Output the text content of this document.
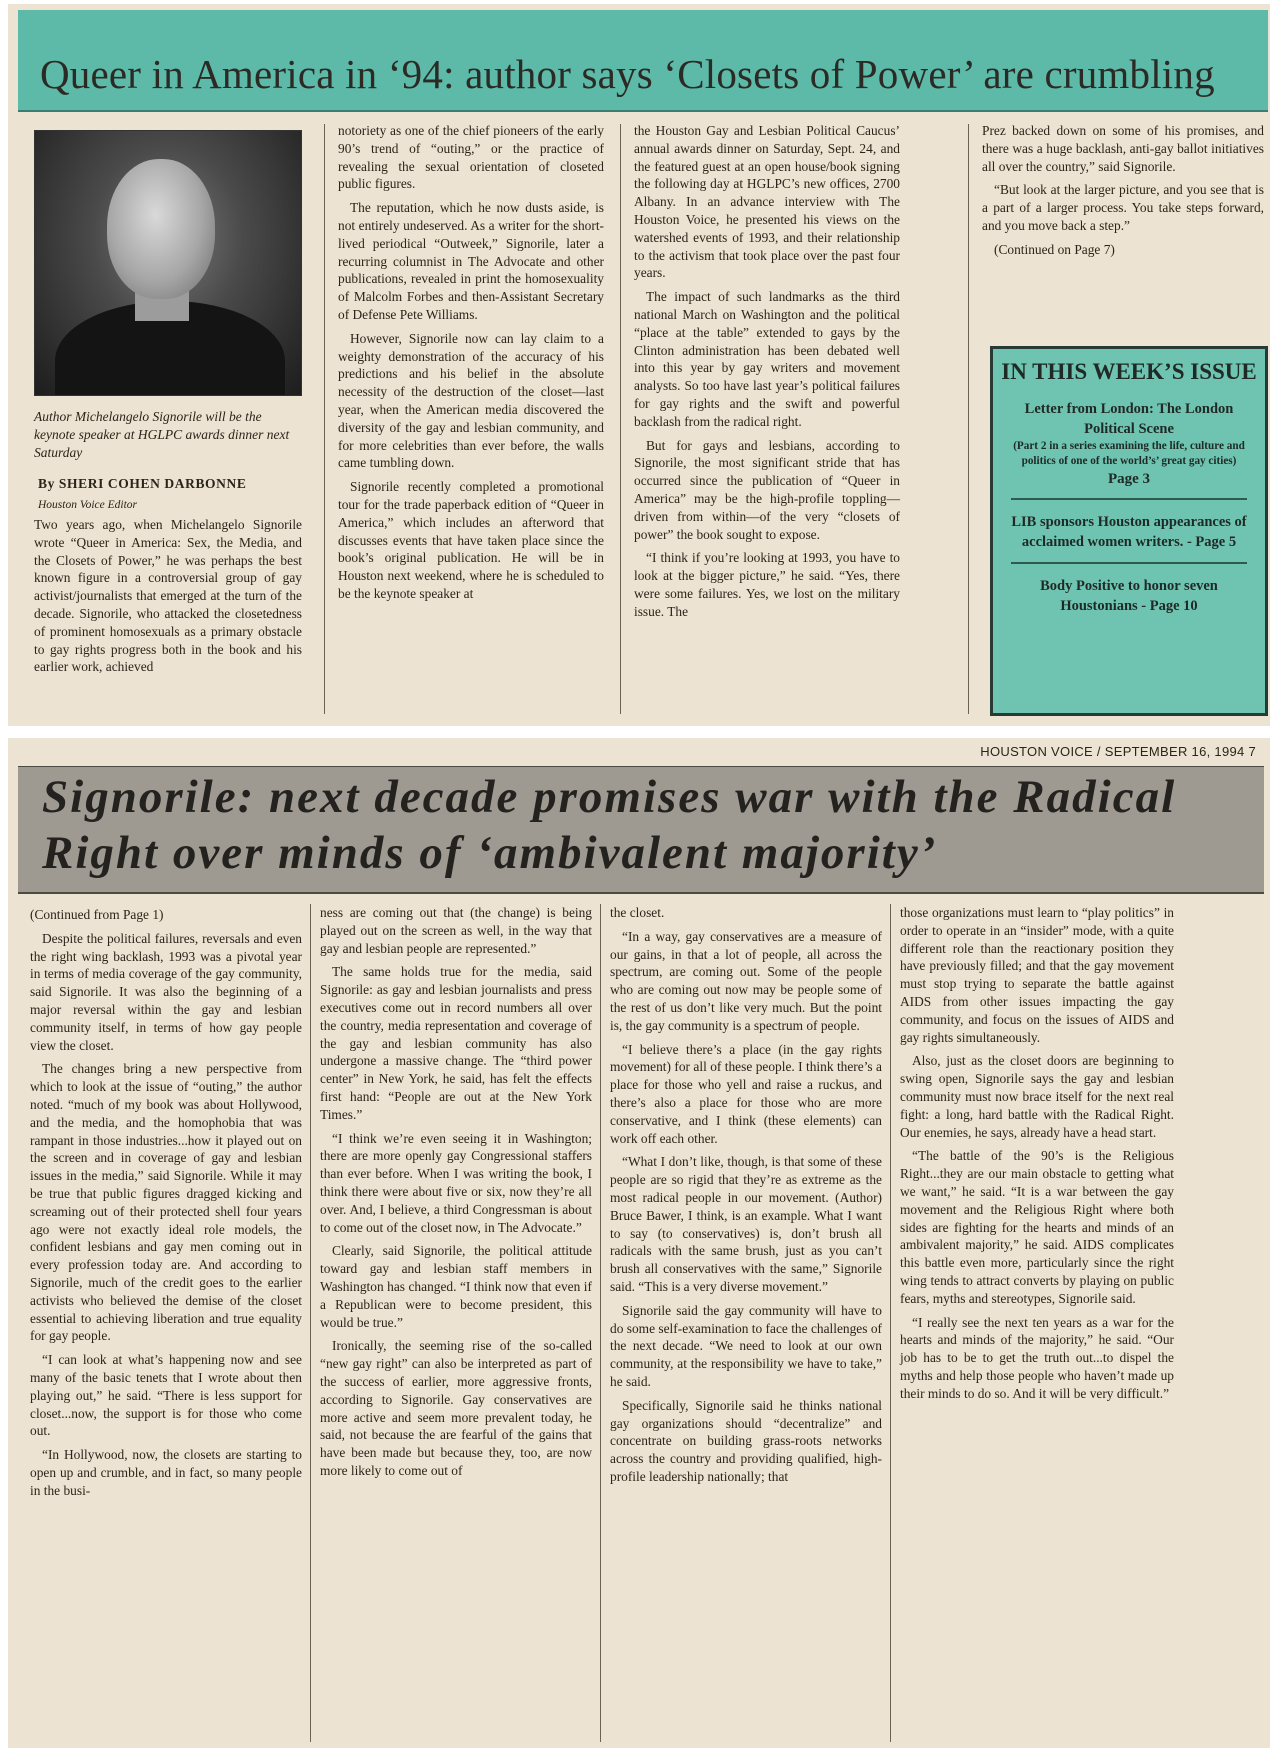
Queer in America in ‘94: author says ‘Closets of Power’ are crumbling
Author Michelangelo Signorile will be the keynote speaker at HGLPC awards dinner next Saturday
By SHERI COHEN DARBONNE
Houston Voice Editor

Two years ago, when Michelangelo Signorile wrote “Queer in America: Sex, the Media, and the Closets of Power,” he was perhaps the best known figure in a controversial group of gay activist/journalists that emerged at the turn of the decade. Signorile, who attacked the closetedness of prominent homosexuals as a primary obstacle to gay rights progress both in the book and his earlier work, achieved

notoriety as one of the chief pioneers of the early 90’s trend of “outing,” or the practice of revealing the sexual orientation of closeted public figures.

The reputation, which he now dusts aside, is not entirely undeserved. As a writer for the short-lived periodical “Outweek,” Signorile, later a recurring columnist in The Advocate and other publications, revealed in print the homosexuality of Malcolm Forbes and then-Assistant Secretary of Defense Pete Williams.

However, Signorile now can lay claim to a weighty demonstration of the accuracy of his predictions and his belief in the absolute necessity of the destruction of the closet—last year, when the American media discovered the diversity of the gay and lesbian community, and for more celebrities than ever before, the walls came tumbling down.

Signorile recently completed a promotional tour for the trade paperback edition of “Queer in America,” which includes an afterword that discusses events that have taken place since the book’s original publication. He will be in Houston next weekend, where he is scheduled to be the keynote speaker at

the Houston Gay and Lesbian Political Caucus’ annual awards dinner on Saturday, Sept. 24, and the featured guest at an open house/book signing the following day at HGLPC’s new offices, 2700 Albany. In an advance interview with The Houston Voice, he presented his views on the watershed events of 1993, and their relationship to the activism that took place over the past four years.

The impact of such landmarks as the third national March on Washington and the political “place at the table” extended to gays by the Clinton administration has been debated well into this year by gay writers and movement analysts. So too have last year’s political failures for gay rights and the swift and powerful backlash from the radical right.

But for gays and lesbians, according to Signorile, the most significant stride that has occurred since the publication of “Queer in America” may be the high-profile toppling—driven from within—of the very “closets of power” the book sought to expose.

“I think if you’re looking at 1993, you have to look at the bigger picture,” he said. “Yes, there were some failures. Yes, we lost on the military issue. The

Prez backed down on some of his promises, and there was a huge backlash, anti-gay ballot initiatives all over the country,” said Signorile.

“But look at the larger picture, and you see that is a part of a larger process. You take steps forward, and you move back a step.”

(Continued on Page 7)

IN THIS WEEK’S ISSUE
Letter from London: The London Political Scene
(Part 2 in a series examining the life, culture and politics of one of the world’s’ great gay cities)
Page 3
LIB sponsors Houston appearances of acclaimed women writers. - Page 5
Body Positive to honor seven Houstonians - Page 10
HOUSTON VOICE / SEPTEMBER 16, 1994 7
Signorile: next decade promises war with the Radical
Right over minds of ‘ambivalent majority’

(Continued from Page 1)

Despite the political failures, reversals and even the right wing backlash, 1993 was a pivotal year in terms of media coverage of the gay community, said Signorile. It was also the beginning of a major reversal within the gay and lesbian community itself, in terms of how gay people view the closet.

The changes bring a new perspective from which to look at the issue of “outing,” the author noted. “much of my book was about Hollywood, and the media, and the homophobia that was rampant in those industries...how it played out on the screen and in coverage of gay and lesbian issues in the media,” said Signorile. While it may be true that public figures dragged kicking and screaming out of their protected shell four years ago were not exactly ideal role models, the confident lesbians and gay men coming out in every profession today are. And according to Signorile, much of the credit goes to the earlier activists who believed the demise of the closet essential to achieving liberation and true equality for gay people.

“I can look at what’s happening now and see many of the basic tenets that I wrote about then playing out,” he said. “There is less support for closet...now, the support is for those who come out.

“In Hollywood, now, the closets are starting to open up and crumble, and in fact, so many people in the busi-

ness are coming out that (the change) is being played out on the screen as well, in the way that gay and lesbian people are represented.”

The same holds true for the media, said Signorile: as gay and lesbian journalists and press executives come out in record numbers all over the country, media representation and coverage of the gay and lesbian community has also undergone a massive change. The “third power center” in New York, he said, has felt the effects first hand: “People are out at the New York Times.”

“I think we’re even seeing it in Washington; there are more openly gay Congressional staffers than ever before. When I was writing the book, I think there were about five or six, now they’re all over. And, I believe, a third Congressman is about to come out of the closet now, in The Advocate.”

Clearly, said Signorile, the political attitude toward gay and lesbian staff members in Washington has changed. “I think now that even if a Republican were to become president, this would be true.”

Ironically, the seeming rise of the so-called “new gay right” can also be interpreted as part of the success of earlier, more aggressive fronts, according to Signorile. Gay conservatives are more active and seem more prevalent today, he said, not because the are fearful of the gains that have been made but because they, too, are now more likely to come out of

the closet.

“In a way, gay conservatives are a measure of our gains, in that a lot of people, all across the spectrum, are coming out. Some of the people who are coming out now may be people some of the rest of us don’t like very much. But the point is, the gay community is a spectrum of people.

“I believe there’s a place (in the gay rights movement) for all of these people. I think there’s a place for those who yell and raise a ruckus, and there’s also a place for those who are more conservative, and I think (these elements) can work off each other.

“What I don’t like, though, is that some of these people are so rigid that they’re as extreme as the most radical people in our movement. (Author) Bruce Bawer, I think, is an example. What I want to say (to conservatives) is, don’t brush all radicals with the same brush, just as you can’t brush all conservatives with the same,” Signorile said. “This is a very diverse movement.”

Signorile said the gay community will have to do some self-examination to face the challenges of the next decade. “We need to look at our own community, at the responsibility we have to take,” he said.

Specifically, Signorile said he thinks national gay organizations should “decentralize” and concentrate on building grass-roots networks across the country and providing qualified, high-profile leadership nationally; that

those organizations must learn to “play politics” in order to operate in an “insider” mode, with a quite different role than the reactionary position they have previously filled; and that the gay movement must stop trying to separate the battle against AIDS from other issues impacting the gay community, and focus on the issues of AIDS and gay rights simultaneously.

Also, just as the closet doors are beginning to swing open, Signorile says the gay and lesbian community must now brace itself for the next real fight: a long, hard battle with the Radical Right. Our enemies, he says, already have a head start.

“The battle of the 90’s is the Religious Right...they are our main obstacle to getting what we want,” he said. “It is a war between the gay movement and the Religious Right where both sides are fighting for the hearts and minds of an ambivalent majority,” he said. AIDS complicates this battle even more, particularly since the right wing tends to attract converts by playing on public fears, myths and stereotypes, Signorile said.

“I really see the next ten years as a war for the hearts and minds of the majority,” he said. “Our job has to be to get the truth out...to dispel the myths and help those people who haven’t made up their minds to do so. And it will be very difficult.”
